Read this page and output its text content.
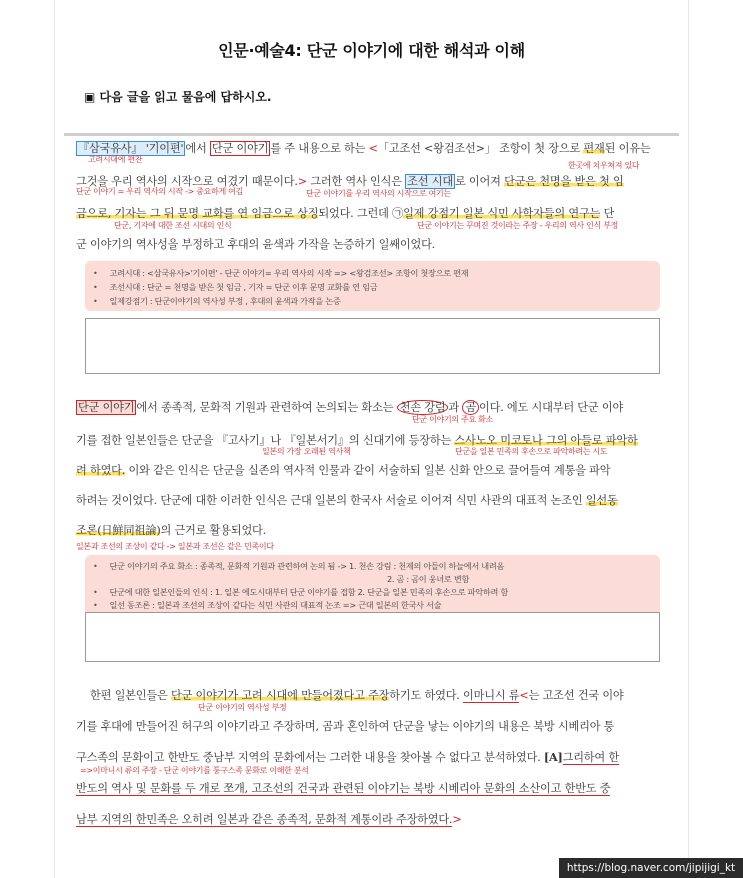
인문·예술4: 단군 이야기에 대한 해석과 이해
▣ 다음 글을 읽고 물음에 답하시오.
『삼국유사』 '기이편' 에서 단군 이야기 를 주 내용으로 하는 <「고조선 <왕검조선>」 조항이 첫 장으로 편재된 이유는
고려시대에 편찬
한곳에 치우쳐져 있다
그것을 우리 역사의 시작으로 여겼기 때문이다.> 그러한 역사 인식은 조선 시대 로 이어져 단군은 천명을 받은 첫 임
단군 이야기 = 우리 역사의 시작 -> 중요하게 여김	단군 이야기를 우리 역사의 시작으로 여기는
금으로, 기자는 그 뒤 문명 교화를 연 임금으로 상징되었다. 그런데 ㉠일제 강점기 일본 식민 사학자들의 연구는 단
단군, 기자에 대한 조선 시대의 인식	단군 이야기는 꾸며진 것이라는 주장 - 우리의 역사 인식 부정
군 이야기의 역사성을 부정하고 후대의 윤색과 가작을 논증하기 일쌔이었다.
• 고려시대 : <삼국유사>'기이편' - 단군 이야기= 우리 역사의 시작 => <왕검조선> 조항이 첫장으로 편재
• 조선시대 : 단군 = 천명을 받은 첫 임금 , 기자 = 단군 이후 문명 교화를 연 임금
• 일제강점기 : 단군이야기의 역사성 부정 , 후대의 윤색과 가작을 논증
단군 이야기 에서 종족적, 문화적 기원과 관련하여 논의되는 화소는 천손 강림 과 곰 이다. 에도 시대부터 단군 이야
단군 이야기의 주요 화소
기를 접한 일본인들은 단군을 『고사기』나 『일본서기』의 신대기에 등장하는 스사노오 미코토나 그의 아들로 파악하
일본의 가장 오래된 역사책	단군을 일본 민족의 후손으로 파악하려는 시도
려 하였다. 이와 같은 인식은 단군을 실존의 역사적 인물과 같이 서술하되 일본 신화 안으로 끌어들여 계통을 파악
하려는 것이었다. 단군에 대한 이러한 인식은 근대 일본의 한국사 서술로 이어져 식민 사관의 대표적 논조인 일선동
조론(日鮮同祖論)의 근거로 활용되었다.
일본과 조선의 조상이 같다 -> 일본과 조선은 같은 민족이다
• 단군 이야기의 주요 화소 : 종족적, 문화적 기원과 관련하여 논의 됨 -> 1. 천손 강림 : 천제의 아들이 하늘에서 내려옴
2. 곰 : 곰이 웅녀로 변함
• 단군에 대한 일본인들의 인식 : 1. 일본 에도시대부터 단군 이야기를 접함 2. 단군을 일본 민족의 후손으로 파악하려 함
• 일선 동조론 : 일본과 조선의 조상이 같다는 식민 사관의 대표적 논조 => 근대 일본의 한국사 서술
한편 일본인들은 단군 이야기가 고려 시대에 만들어졌다고 주장하기도 하였다. 이마니시 류<는 고조선 건국 이야
단군 이야기의 역사성 부정
기를 후대에 만들어진 허구의 이야기라고 주장하며, 곰과 혼인하여 단군을 낳는 이야기의 내용은 북방 시베리아 퉁
구스족의 문화이고 한반도 중남부 지역의 문화에서는 그러한 내용을 찾아볼 수 없다고 분석하였다. [A]그리하여 한
=>이마니시 류의 주장 - 단군 이야기를 퉁구스족 문화로 이해한 분석
반도의 역사 및 문화를 두 개로 쪼개, 고조선의 건국과 관련된 이야기는 북방 시베리아 문화의 소산이고 한반도 중
남부 지역의 한민족은 오히려 일본과 같은 종족적, 문화적 계통이라 주장하였다.>
https://blog.naver.com/jipijigi_kt
